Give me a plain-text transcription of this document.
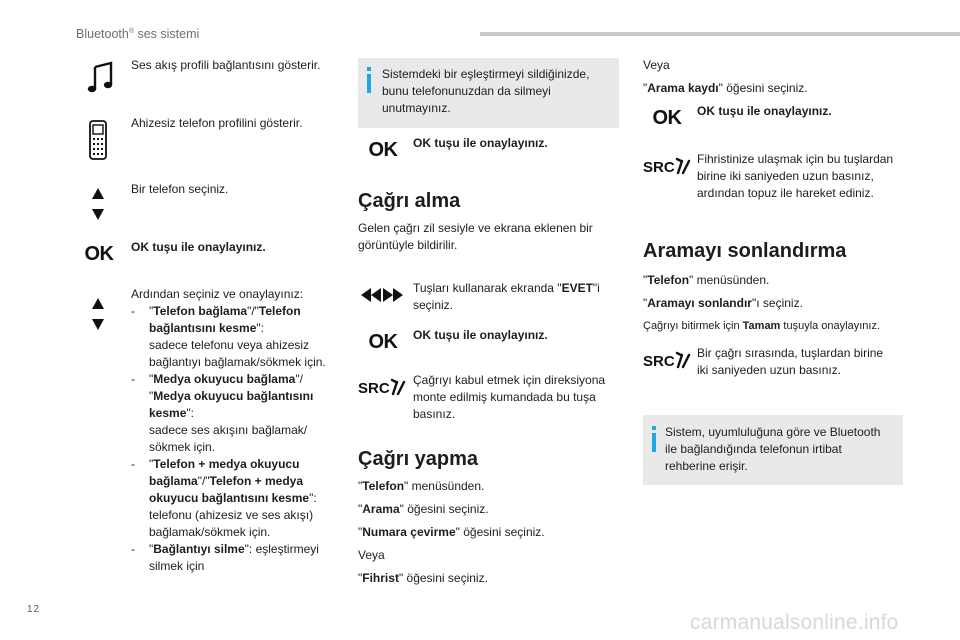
Bluetooth® ses sistemi
Ses akış profili bağlantısını gösterir.
Ahizesiz telefon profilini gösterir.
Bir telefon seçiniz.
OK OK tuşu ile onaylayınız.
Ardından seçiniz ve onaylayınız:
- "Telefon bağlama"/"Telefon bağlantısını kesme":
sadece telefonu veya ahizesiz bağlantıyı bağlamak/sökmek için.
- "Medya okuyucu bağlama"/ "Medya okuyucu bağlantısını kesme":
sadece ses akışını bağlamak/ sökmek için.
- "Telefon + medya okuyucu bağlama"/"Telefon + medya okuyucu bağlantısını kesme":
telefonu (ahizesiz ve ses akışı) bağlamak/sökmek için.
- "Bağlantıyı silme": eşleştirmeyi silmek için
Sistemdeki bir eşleştirmeyi sildiğinizde, bunu telefonunuzdan da silmeyi unutmayınız.
OK OK tuşu ile onaylayınız.
Çağrı alma
Gelen çağrı zil sesiyle ve ekrana eklenen bir görüntüyle bildirilir.
Tuşları kullanarak ekranda "EVET"i seçiniz.
OK OK tuşu ile onaylayınız.
SRC Çağrıyı kabul etmek için direksiyona monte edilmiş kumandada bu tuşa basınız.
Çağrı yapma
"Telefon" menüsünden.
"Arama" öğesini seçiniz.
"Numara çevirme" öğesini seçiniz.
Veya
"Fihrist" öğesini seçiniz.
Veya
"Arama kaydı" öğesini seçiniz.
OK OK tuşu ile onaylayınız.
SRC Fihristinize ulaşmak için bu tuşlardan birine iki saniyeden uzun basınız, ardından topuz ile hareket ediniz.
Aramayı sonlandırma
"Telefon" menüsünden.
"Aramayı sonlandır"ı seçiniz.
Çağrıyı bitirmek için Tamam tuşuyla onaylayınız.
SRC Bir çağrı sırasında, tuşlardan birine iki saniyeden uzun basınız.
Sistem, uyumluluğuna göre ve Bluetooth ile bağlandığında telefonun irtibat rehberine erişir.
12
carmanualsonline.info
